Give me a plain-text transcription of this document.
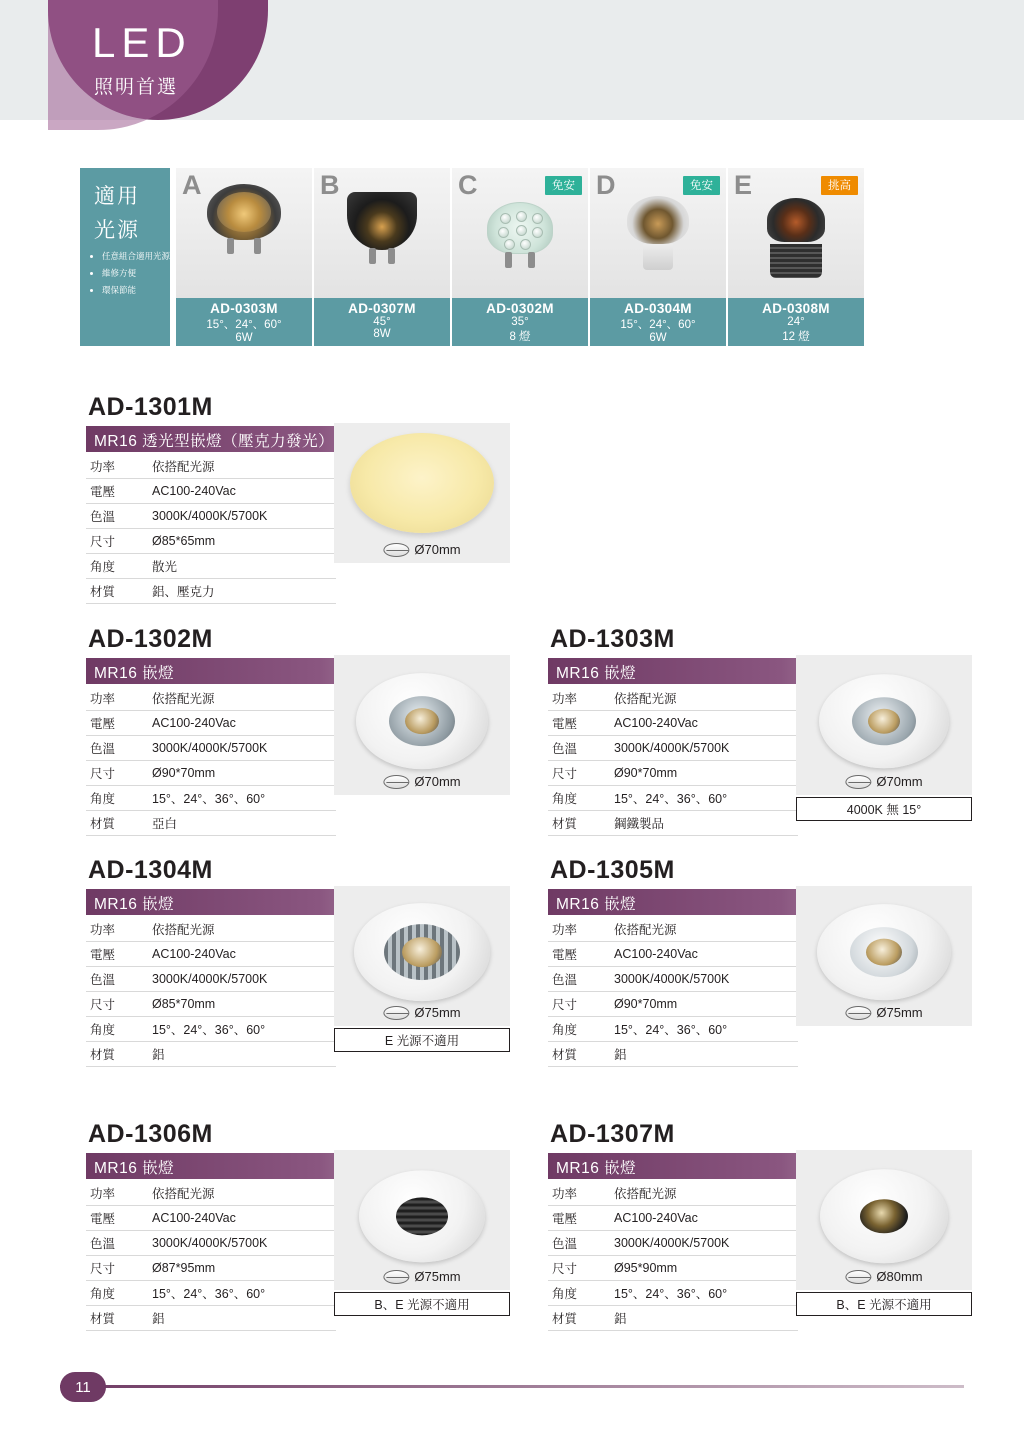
LED
照明首選
適用
光源
• 任意組合適用光源
• 維修方便
• 環保節能
A
AD-0303M
15°、24°、60°
6W
B
AD-0307M
45°
8W
C	免安
AD-0302M
35°
8 燈
D	免安
AD-0304M
15°、24°、60°
6W
E	挑高
AD-0308M
24°
12 燈
AD-1301M
MR16 透光型嵌燈（壓克力發光）
功率	依搭配光源
電壓	AC100-240Vac
色溫	3000K/4000K/5700K
尺寸	Ø85*65mm
角度	散光
材質	鋁、壓克力
Ø70mm
AD-1302M
MR16 嵌燈
功率	依搭配光源
電壓	AC100-240Vac
色溫	3000K/4000K/5700K
尺寸	Ø90*70mm
角度	15°、24°、36°、60°
材質	亞白
Ø70mm
AD-1303M
MR16 嵌燈
功率	依搭配光源
電壓	AC100-240Vac
色溫	3000K/4000K/5700K
尺寸	Ø90*70mm
角度	15°、24°、36°、60°
材質	鋼鐵製品
Ø70mm
4000K 無 15°
AD-1304M
MR16 嵌燈
功率	依搭配光源
電壓	AC100-240Vac
色溫	3000K/4000K/5700K
尺寸	Ø85*70mm
角度	15°、24°、36°、60°
材質	鋁
Ø75mm
E 光源不適用
AD-1305M
MR16 嵌燈
功率	依搭配光源
電壓	AC100-240Vac
色溫	3000K/4000K/5700K
尺寸	Ø90*70mm
角度	15°、24°、36°、60°
材質	鋁
Ø75mm
AD-1306M
MR16 嵌燈
功率	依搭配光源
電壓	AC100-240Vac
色溫	3000K/4000K/5700K
尺寸	Ø87*95mm
角度	15°、24°、36°、60°
材質	鋁
Ø75mm
B、E 光源不適用
AD-1307M
MR16 嵌燈
功率	依搭配光源
電壓	AC100-240Vac
色溫	3000K/4000K/5700K
尺寸	Ø95*90mm
角度	15°、24°、36°、60°
材質	鋁
Ø80mm
B、E 光源不適用
11
